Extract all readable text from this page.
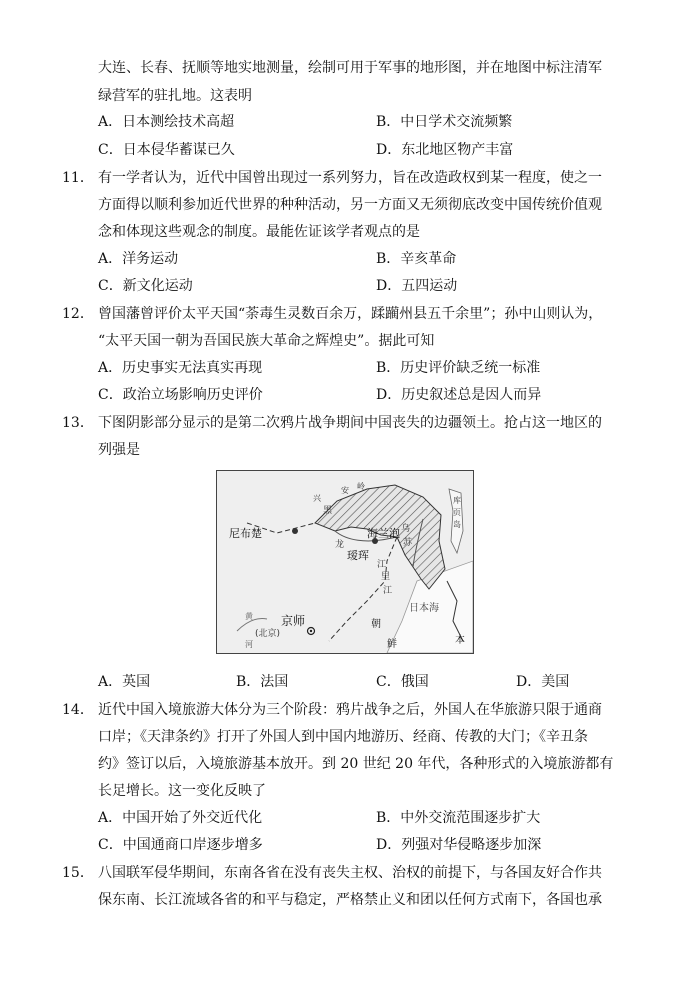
大连、长春、抚顺等地实地测量，绘制可用于军事的地形图，并在地图中标注清军
绿营军的驻扎地。这表明
A．日本测绘技术高超	B．中日学术交流频繁
C．日本侵华蓄谋已久	D．东北地区物产丰富
11． 有一学者认为，近代中国曾出现过一系列努力，旨在改造政权到某一程度，使之一
方面得以顺利参加近代世界的种种活动，另一方面又无须彻底改变中国传统价值观
念和体现这些观念的制度。最能佐证该学者观点的是
A．洋务运动	B．辛亥革命
C．新文化运动	D．五四运动
12． 曾国藩曾评价太平天国“荼毒生灵数百余万，蹂躏州县五千余里”；孙中山则认为，
“太平天国一朝为吾国民族大革命之辉煌史”。据此可知
A．历史事实无法真实再现	B．历史评价缺乏统一标准
C．政治立场影响历史评价	D．历史叙述总是因人而异
13． 下图阴影部分显示的是第二次鸦片战争期间中国丧失的边疆领土。抢占这一地区的
列强是
尼布楚	海兰泡
瑷珲
京师
(北京)
日本海
黑
龙
江
乌
苏
里
江
朝
鲜	本
库
页
岛
兴
安 岭
黄
河
A．英国	B．法国	C．俄国	D．美国
14． 近代中国入境旅游大体分为三个阶段：鸦片战争之后，外国人在华旅游只限于通商
口岸；《天津条约》打开了外国人到中国内地游历、经商、传教的大门；《辛丑条
约》签订以后，入境旅游基本放开。到 20 世纪 20 年代，各种形式的入境旅游都有
长足增长。这一变化反映了
A．中国开始了外交近代化	B．中外交流范围逐步扩大
C．中国通商口岸逐步增多	D．列强对华侵略逐步加深
15． 八国联军侵华期间，东南各省在没有丧失主权、治权的前提下，与各国友好合作共
保东南、长江流域各省的和平与稳定，严格禁止义和团以任何方式南下，各国也承
